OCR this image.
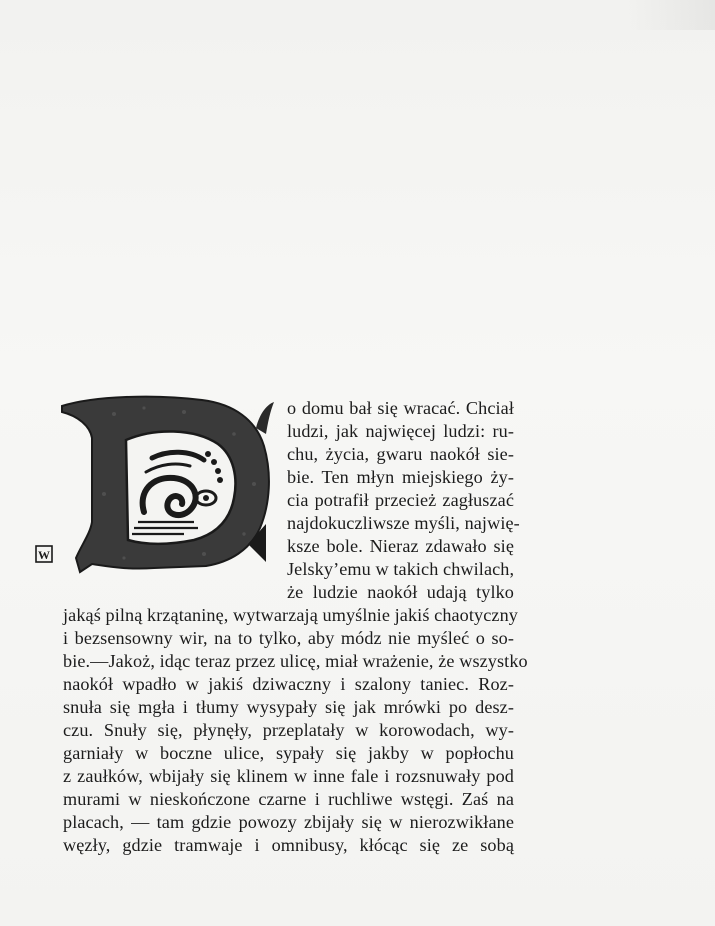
W
o domu bał się wracać. Chciał
ludzi, jak najwięcej ludzi: ru-
chu, życia, gwaru naokół sie-
bie. Ten młyn miejskiego ży-
cia potrafił przecież zagłuszać
najdokuczliwsze myśli, najwię-
ksze bole. Nieraz zdawało się
Jelsky’emu w takich chwilach,
że ludzie naokół udają tylko
jakąś pilną krzątaninę, wytwarzają umyślnie jakiś chaotyczny
i bezsensowny wir, na to tylko, aby módz nie myśleć o so-
bie.—Jakoż, idąc teraz przez ulicę, miał wrażenie, że wszystko
naokół wpadło w jakiś dziwaczny i szalony taniec. Roz-
snuła się mgła i tłumy wysypały się jak mrówki po desz-
czu. Snuły się, płynęły, przeplatały w korowodach, wy-
garniały w boczne ulice, sypały się jakby w popłochu
z zaułków, wbijały się klinem w inne fale i rozsnuwały pod
murami w nieskończone czarne i ruchliwe wstęgi. Zaś na
placach, — tam gdzie powozy zbijały się w nierozwikłane
węzły, gdzie tramwaje i omnibusy, kłócąc się ze sobą
